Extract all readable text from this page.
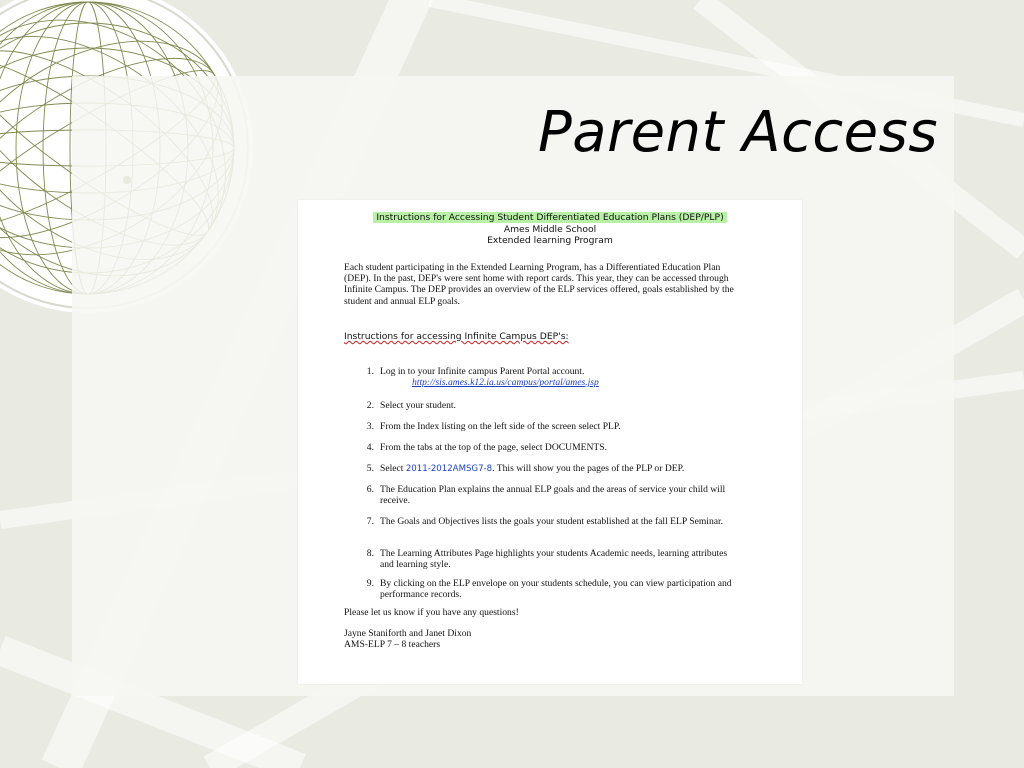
Parent Access
Instructions for Accessing Student Differentiated Education Plans (DEP/PLP)
Ames Middle School
Extended learning Program

Each student participating in the Extended Learning Program, has a Differentiated Education Plan (DEP). In the past, DEP's were sent home with report cards. This year, they can be accessed through Infinite Campus. The DEP provides an overview of the ELP services offered, goals established by the student and annual ELP goals.

Instructions for accessing Infinite Campus DEP's:

1. Log in to your Infinite campus Parent Portal account.
http://sis.ames.k12.ia.us/campus/portal/ames.jsp
2. Select your student.
3. From the Index listing on the left side of the screen select PLP.
4. From the tabs at the top of the page, select DOCUMENTS.
5. Select 2011-2012AMSG7-8. This will show you the pages of the PLP or DEP.
6. The Education Plan explains the annual ELP goals and the areas of service your child will receive.
7. The Goals and Objectives lists the goals your student established at the fall ELP Seminar.
8. The Learning Attributes Page highlights your students Academic needs, learning attributes and learning style.
9. By clicking on the ELP envelope on your students schedule, you can view participation and performance records.

Please let us know if you have any questions!

Jayne Staniforth and Janet Dixon

AMS-ELP 7 – 8 teachers
